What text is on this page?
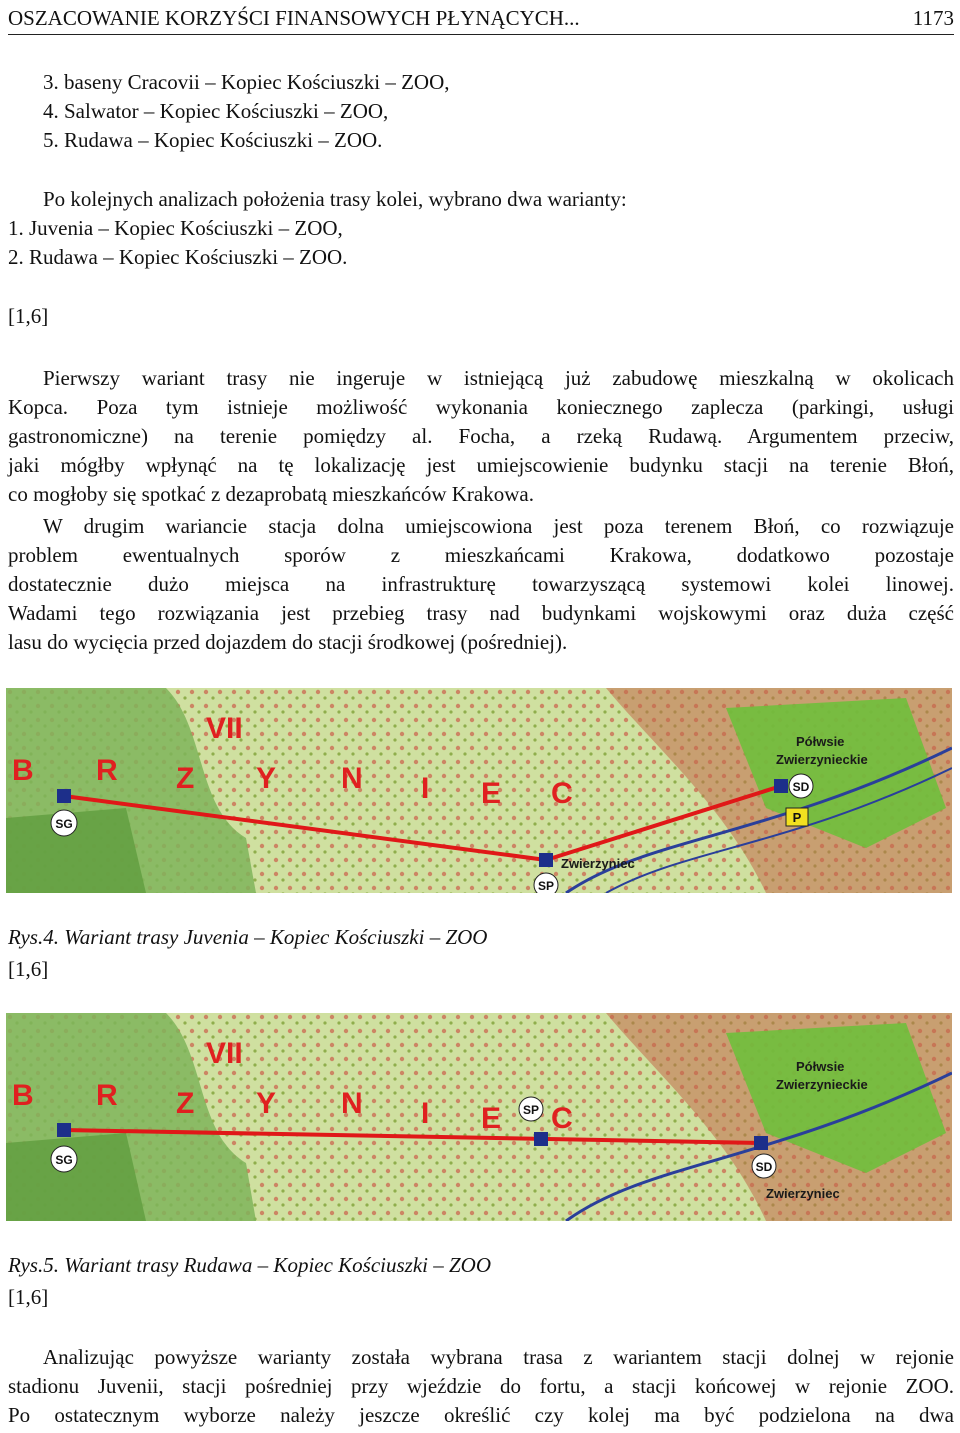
OSZACOWANIE KORZYŚCI FINANSOWYCH PŁYNĄCYCH...	1173
3. baseny Cracovii – Kopiec Kościuszki – ZOO,
4. Salwator – Kopiec Kościuszki – ZOO,
5. Rudawa – Kopiec Kościuszki – ZOO.
Po kolejnych analizach położenia trasy kolei, wybrano dwa warianty:
1. Juvenia – Kopiec Kościuszki – ZOO,
2. Rudawa – Kopiec Kościuszki – ZOO.
[1,6]
Pierwszy wariant trasy nie ingeruje w istniejącą już zabudowę mieszkalną w okolicach
Kopca. Poza tym istnieje możliwość wykonania koniecznego zaplecza (parkingi, usługi
gastronomiczne) na terenie pomiędzy al. Focha, a rzeką Rudawą. Argumentem przeciw,
jaki mógłby wpłynąć na tę lokalizację jest umiejscowienie budynku stacji na terenie Błoń,
co mogłoby się spotkać z dezaprobatą mieszkańców Krakowa.
W drugim wariancie stacja dolna umiejscowiona jest poza terenem Błoń, co rozwiązuje
problem ewentualnych sporów z mieszkańcami Krakowa, dodatkowo pozostaje
dostatecznie dużo miejsca na infrastrukturę towarzyszącą systemowi kolei linowej.
Wadami tego rozwiązania jest przebieg trasy nad budynkami wojskowymi oraz duża część
lasu do wycięcia przed dojazdem do stacji środkowej (pośredniej).
B R Z Y N I E C
VII	Półwsie
Zwierzynieckie
Zwierzyniec
SG
SP
SD
P
Rys.4. Wariant trasy Juvenia – Kopiec Kościuszki – ZOO
[1,6]
B R Z Y N I E C
VII	Półwsie
Zwierzynieckie
Zwierzyniec
SG
SP
SD
Rys.5. Wariant trasy Rudawa – Kopiec Kościuszki – ZOO
[1,6]
Analizując powyższe warianty została wybrana trasa z wariantem stacji dolnej w rejonie
stadionu Juvenii, stacji pośredniej przy wjeździe do fortu, a stacji końcowej w rejonie ZOO.
Po ostatecznym wyborze należy jeszcze określić czy kolej ma być podzielona na dwa
